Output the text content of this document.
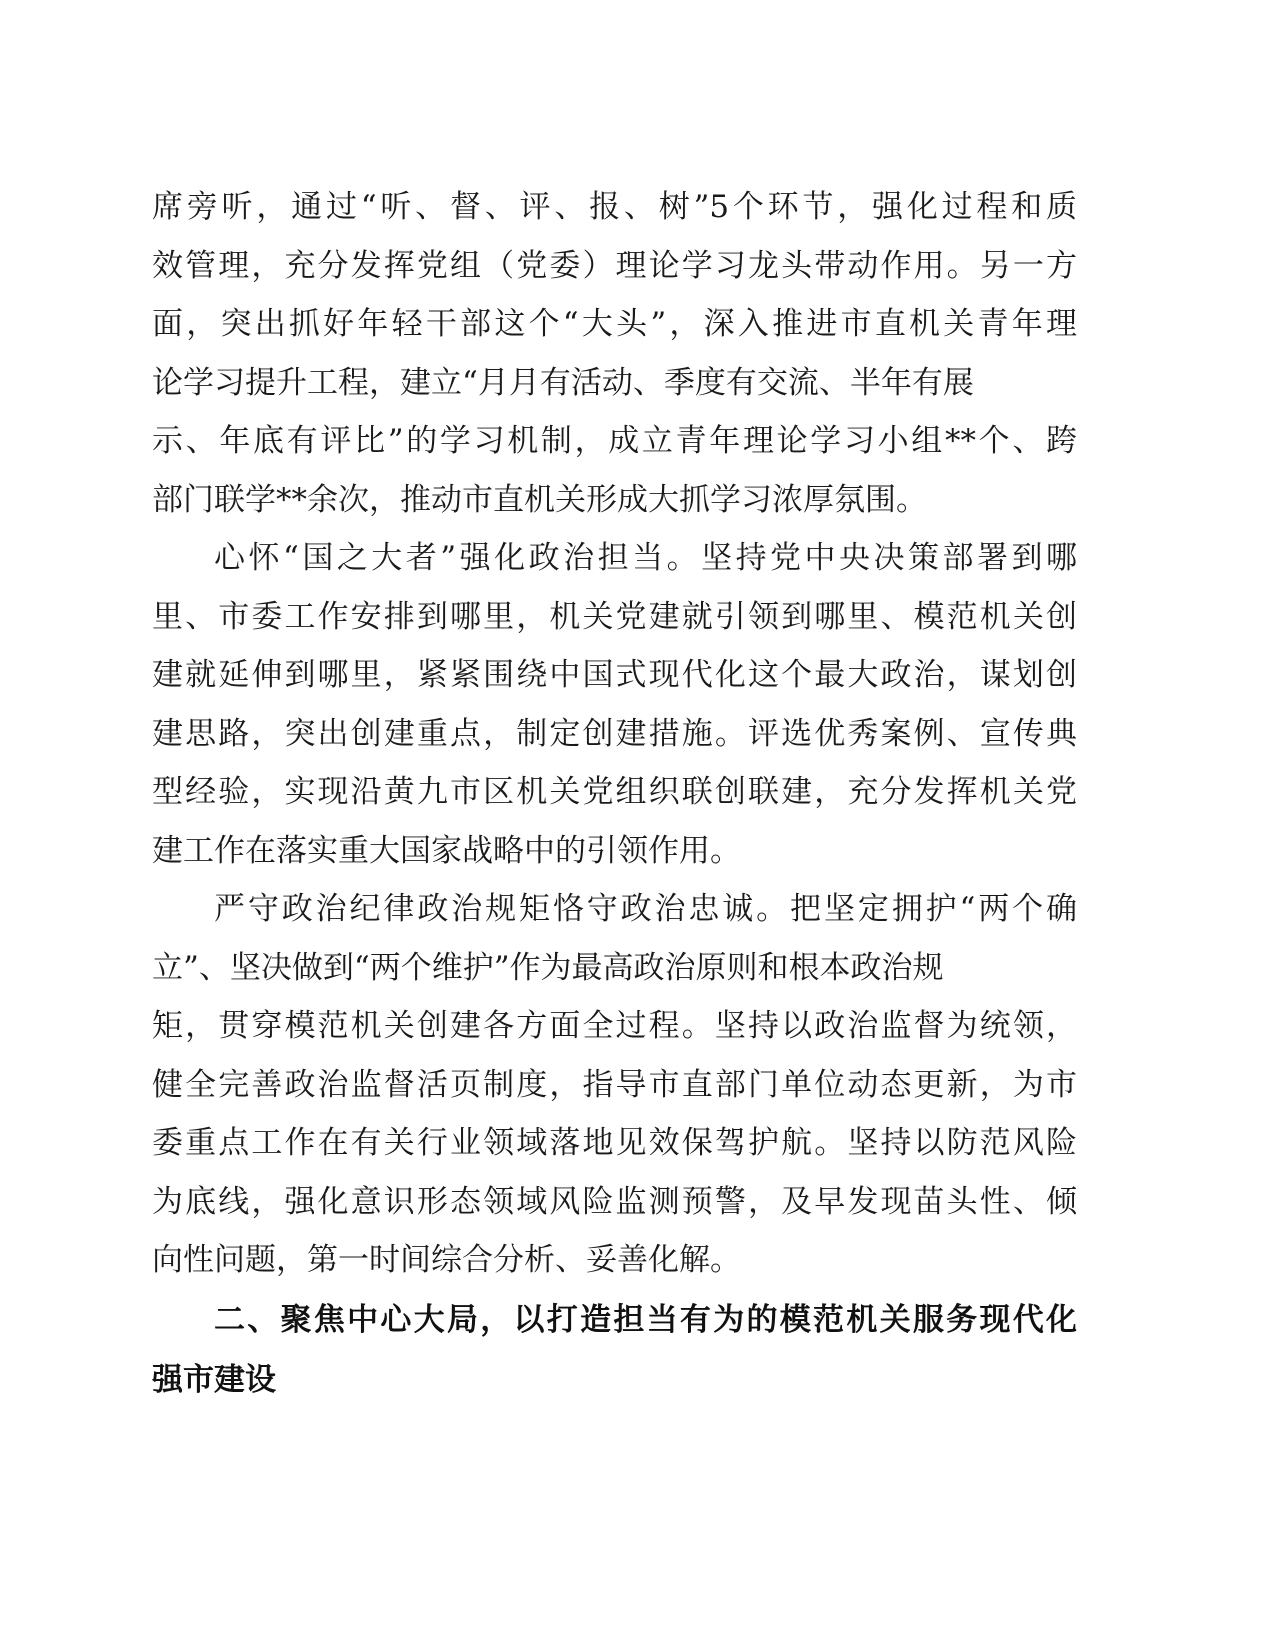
席旁听，通过“听、督、评、报、树”5个环节，强化过程和质
效管理，充分发挥党组（党委）理论学习龙头带动作用。另一方
面，突出抓好年轻干部这个“大头”，深入推进市直机关青年理
论学习提升工程，建立“月月有活动、季度有交流、半年有展
示、年底有评比”的学习机制，成立青年理论学习小组**个、跨
部门联学**余次，推动市直机关形成大抓学习浓厚氛围。
心怀“国之大者”强化政治担当。坚持党中央决策部署到哪
里、市委工作安排到哪里，机关党建就引领到哪里、模范机关创
建就延伸到哪里，紧紧围绕中国式现代化这个最大政治，谋划创
建思路，突出创建重点，制定创建措施。评选优秀案例、宣传典
型经验，实现沿黄九市区机关党组织联创联建，充分发挥机关党
建工作在落实重大国家战略中的引领作用。
严守政治纪律政治规矩恪守政治忠诚。把坚定拥护“两个确
立”、坚决做到“两个维护”作为最高政治原则和根本政治规
矩，贯穿模范机关创建各方面全过程。坚持以政治监督为统领，
健全完善政治监督活页制度，指导市直部门单位动态更新，为市
委重点工作在有关行业领域落地见效保驾护航。坚持以防范风险
为底线，强化意识形态领域风险监测预警，及早发现苗头性、倾
向性问题，第一时间综合分析、妥善化解。
二、聚焦中心大局，以打造担当有为的模范机关服务现代化
强市建设
